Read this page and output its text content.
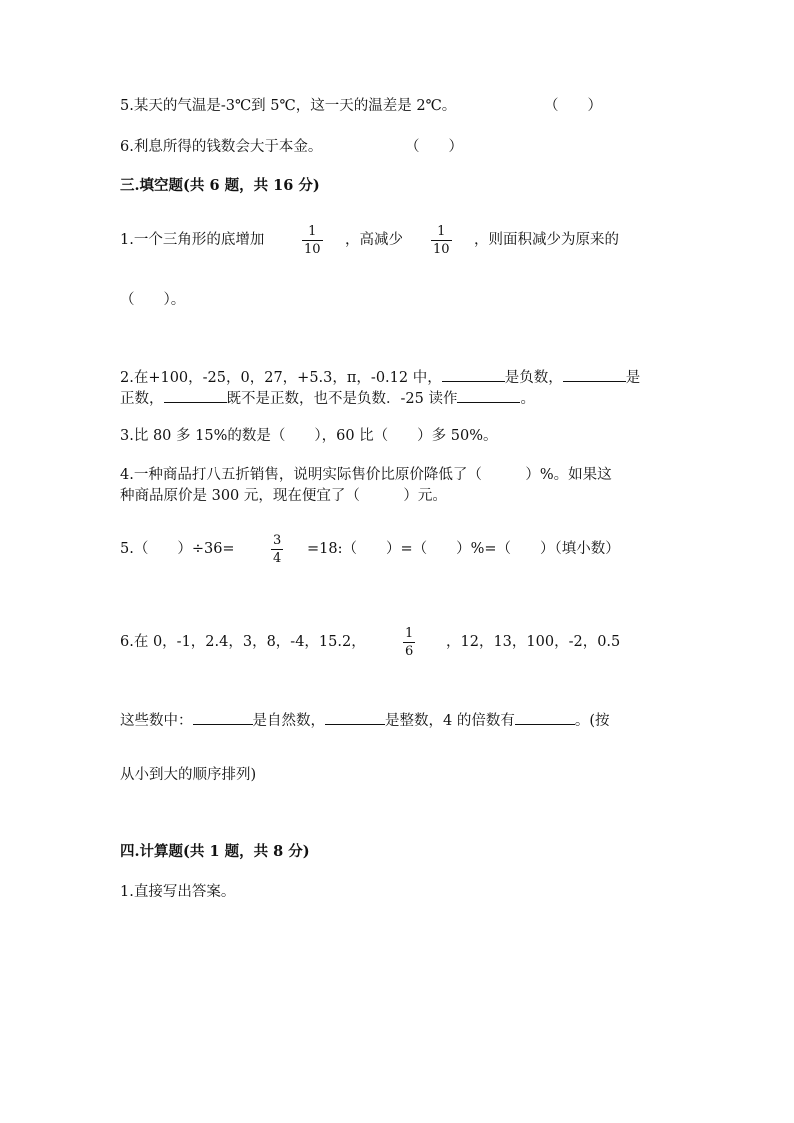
5.某天的气温是-3℃到 5℃，这一天的温差是 2℃。	（　　）
6.利息所得的钱数会大于本金。	（　　）
三.填空题(共 6 题，共 16 分)
1.一个三角形的底增加
1
10
，高减少
1
10
，则面积减少为原来的
（　　）。
2.在+100，-25，0，27，+5.3，π，-0.12 中，	是负数，	是
正数，	既不是正数，也不是负数．-25 读作	。
3.比 80 多 15%的数是（　　），60 比（　　）多 50%。
4.一种商品打八五折销售，说明实际售价比原价降低了（　　　）%。如果这
种商品原价是 300 元，现在便宜了（　　　）元。
5.（　　）÷36=
3
4
=18:（　　）=（　　）%=（　　）（填小数）
6.在 0，-1，2.4，3，8，-4，15.2，
1
6
，12，13，100，-2，0.5
这些数中：	是自然数，	是整数，4 的倍数有	。(按
从小到大的顺序排列)
四.计算题(共 1 题，共 8 分)
1.直接写出答案。
